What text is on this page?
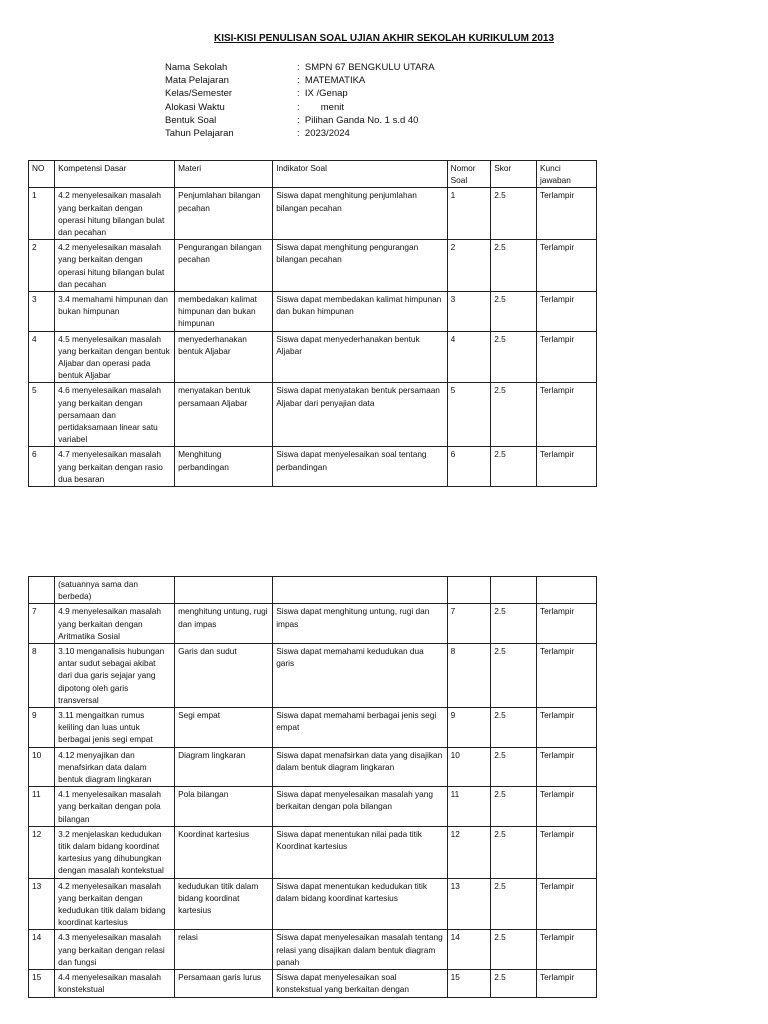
KISI-KISI PENULISAN SOAL UJIAN AKHIR SEKOLAH KURIKULUM 2013
Nama Sekolah	:  SMPN 67 BENGKULU UTARA
Mata Pelajaran	:  MATEMATIKA
Kelas/Semester	:  IX /Genap
Alokasi Waktu	:        menit
Bentuk Soal	:  Pilihan Ganda No. 1 s.d 40
Tahun Pelajaran	:  2023/2024
NO	Kompetensi Dasar	Materi	Indikator Soal	Nomor Soal	Skor	Kunci jawaban
1	4.2 menyelesaikan masalah yang berkaitan dengan operasi hitung bilangan bulat dan pecahan	Penjumlahan bilangan pecahan	Siswa dapat menghitung penjumlahan bilangan pecahan	1	2.5	Terlampir
2	4.2 menyelesaikan masalah yang berkaitan dengan operasi hitung bilangan bulat dan pecahan	Pengurangan bilangan pecahan	Siswa dapat menghitung pengurangan bilangan pecahan	2	2.5	Terlampir
3	3.4 memahami himpunan dan bukan himpunan	membedakan kalimat himpunan dan bukan himpunan	Siswa dapat membedakan kalimat himpunan dan bukan himpunan	3	2.5	Terlampir
4	4.5 menyelesaikan masalah yang berkaitan dengan bentuk Aljabar dan operasi pada bentuk Aljabar	menyederhanakan bentuk Aljabar	Siswa dapat menyederhanakan bentuk Aljabar	4	2.5	Terlampir
5	4.6 menyelesaikan masalah yang berkaitan dengan persamaan dan pertidaksamaan linear satu variabel	menyatakan bentuk persamaan Aljabar	Siswa dapat menyatakan bentuk persamaan Aljabar dari penyajian data	5	2.5	Terlampir
6	4.7 menyelesaikan masalah yang berkaitan dengan rasio dua besaran	Menghitung perbandingan	Siswa dapat menyelesaikan soal tentang perbandingan	6	2.5	Terlampir
	(satuannya sama dan berbeda)					
7	4.9 menyelesaikan masalah yang berkaitan dengan Aritmatika Sosial	menghitung untung, rugi dan impas	Siswa dapat menghitung untung, rugi dan impas	7	2.5	Terlampir
8	3.10 menganalisis hubungan antar sudut sebagai akibat dari dua garis sejajar yang dipotong oleh garis transversal	Garis dan sudut	Siswa dapat memahami kedudukan dua garis	8	2.5	Terlampir
9	3.11 mengaitkan rumus keliling dan luas untuk berbagai jenis segi empat	Segi empat	Siswa dapat memahami berbagai jenis segi empat	9	2.5	Terlampir
10	4.12 menyajikan dan menafsirkan data dalam bentuk diagram lingkaran	Diagram lingkaran	Siswa dapat menafsirkan data yang disajikan dalam bentuk diagram lingkaran	10	2.5	Terlampir
11	4.1 menyelesaikan masalah yang berkaitan dengan pola bilangan	Pola bilangan	Siswa dapat menyelesaikan masalah yang berkaitan dengan pola bilangan	11	2.5	Terlampir
12	3.2 menjelaskan kedudukan titik dalam bidang koordinat kartesius yang dihubungkan dengan masalah kontekstual	Koordinat kartesius	Siswa dapat menentukan nilai pada titik Koordinat kartesius	12	2.5	Terlampir
13	4.2 menyelesaikan masalah yang berkaitan dengan kedudukan titik dalam bidang koordinat kartesius	kedudukan titik dalam bidang koordinat kartesius	Siswa dapat menentukan kedudukan titik dalam bidang koordinat kartesius	13	2.5	Terlampir
14	4.3 menyelesaikan masalah yang berkaitan dengan relasi dan fungsi	relasi	Siswa dapat menyelesaikan masalah tentang relasi yang disajikan dalam bentuk diagram panah	14	2.5	Terlampir
15	4.4 menyelesaikan masalah konstekstual	Persamaan garis lurus	Siswa dapat menyelesaikan soal konstekstual yang berkaitan dengan	15	2.5	Terlampir
